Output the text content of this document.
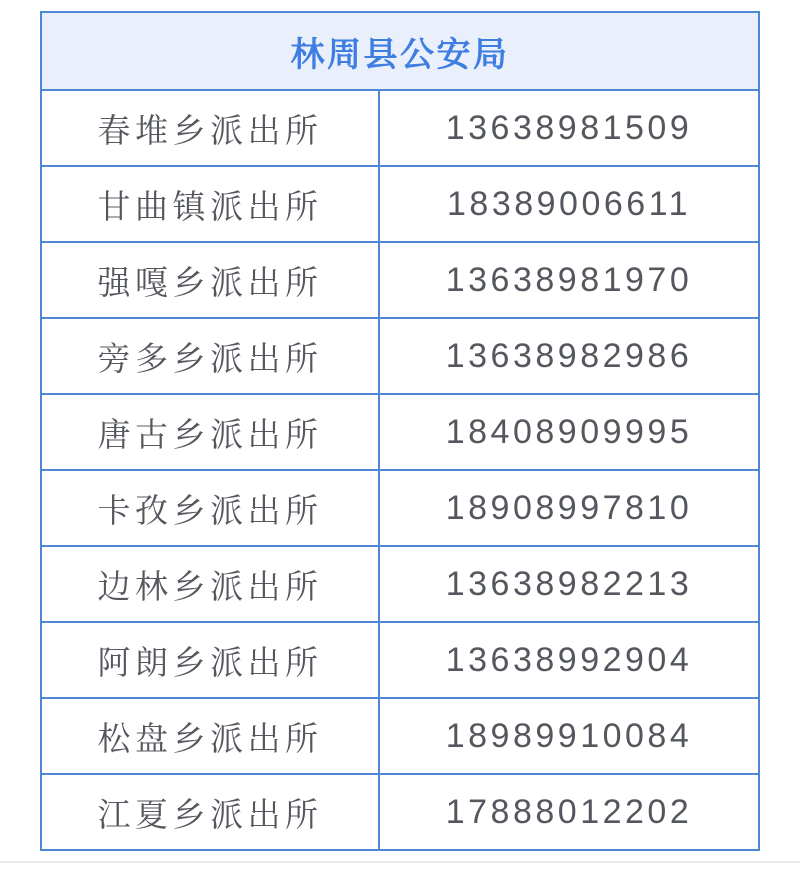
林周县公安局	
春堆乡派出所	13638981509
甘曲镇派出所	18389006611
强嘎乡派出所	13638981970
旁多乡派出所	13638982986
唐古乡派出所	18408909995
卡孜乡派出所	18908997810
边林乡派出所	13638982213
阿朗乡派出所	13638992904
松盘乡派出所	18989910084
江夏乡派出所	17888012202
